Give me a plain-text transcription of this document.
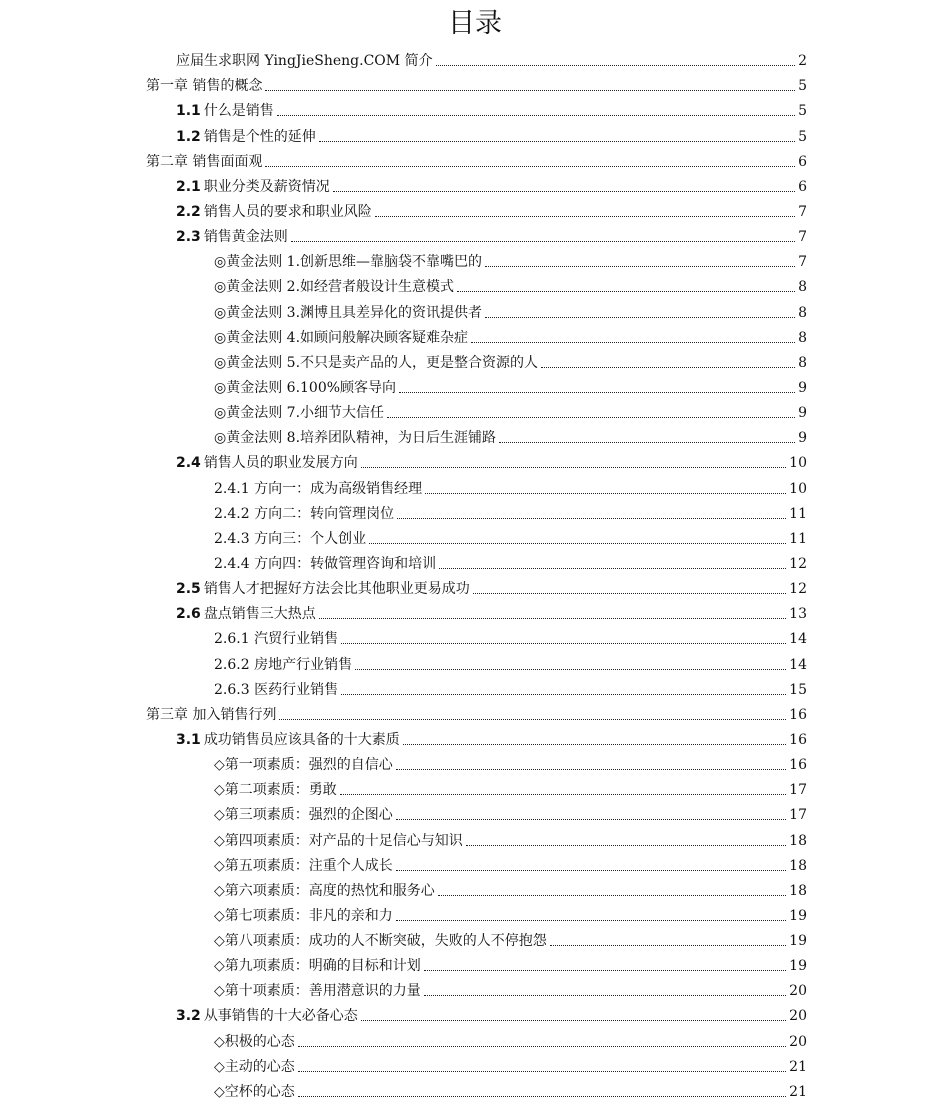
目录
应届生求职网 YingJieSheng.COM 简介	2
第一章 销售的概念	5
1.1 什么是销售	5
1.2 销售是个性的延伸	5
第二章 销售面面观	6
2.1 职业分类及薪资情况	6
2.2 销售人员的要求和职业风险	7
2.3 销售黄金法则	7
◎黄金法则 1.创新思维—靠脑袋不靠嘴巴的	7
◎黄金法则 2.如经营者般设计生意模式	8
◎黄金法则 3.渊博且具差异化的资讯提供者	8
◎黄金法则 4.如顾问般解决顾客疑难杂症	8
◎黄金法则 5.不只是卖产品的人，更是整合资源的人	8
◎黄金法则 6.100%顾客导向	9
◎黄金法则 7.小细节大信任	9
◎黄金法则 8.培养团队精神，为日后生涯铺路	9
2.4 销售人员的职业发展方向	10
2.4.1 方向一：成为高级销售经理	10
2.4.2 方向二：转向管理岗位	11
2.4.3 方向三：个人创业	11
2.4.4 方向四：转做管理咨询和培训	12
2.5 销售人才把握好方法会比其他职业更易成功	12
2.6 盘点销售三大热点	13
2.6.1 汽贸行业销售	14
2.6.2 房地产行业销售	14
2.6.3 医药行业销售	15
第三章 加入销售行列	16
3.1 成功销售员应该具备的十大素质	16
◇第一项素质：强烈的自信心	16
◇第二项素质：勇敢	17
◇第三项素质：强烈的企图心	17
◇第四项素质：对产品的十足信心与知识	18
◇第五项素质：注重个人成长	18
◇第六项素质：高度的热忱和服务心	18
◇第七项素质：非凡的亲和力	19
◇第八项素质：成功的人不断突破，失败的人不停抱怨	19
◇第九项素质：明确的目标和计划	19
◇第十项素质：善用潜意识的力量	20
3.2 从事销售的十大必备心态	20
◇积极的心态	20
◇主动的心态	21
◇空杯的心态	21
